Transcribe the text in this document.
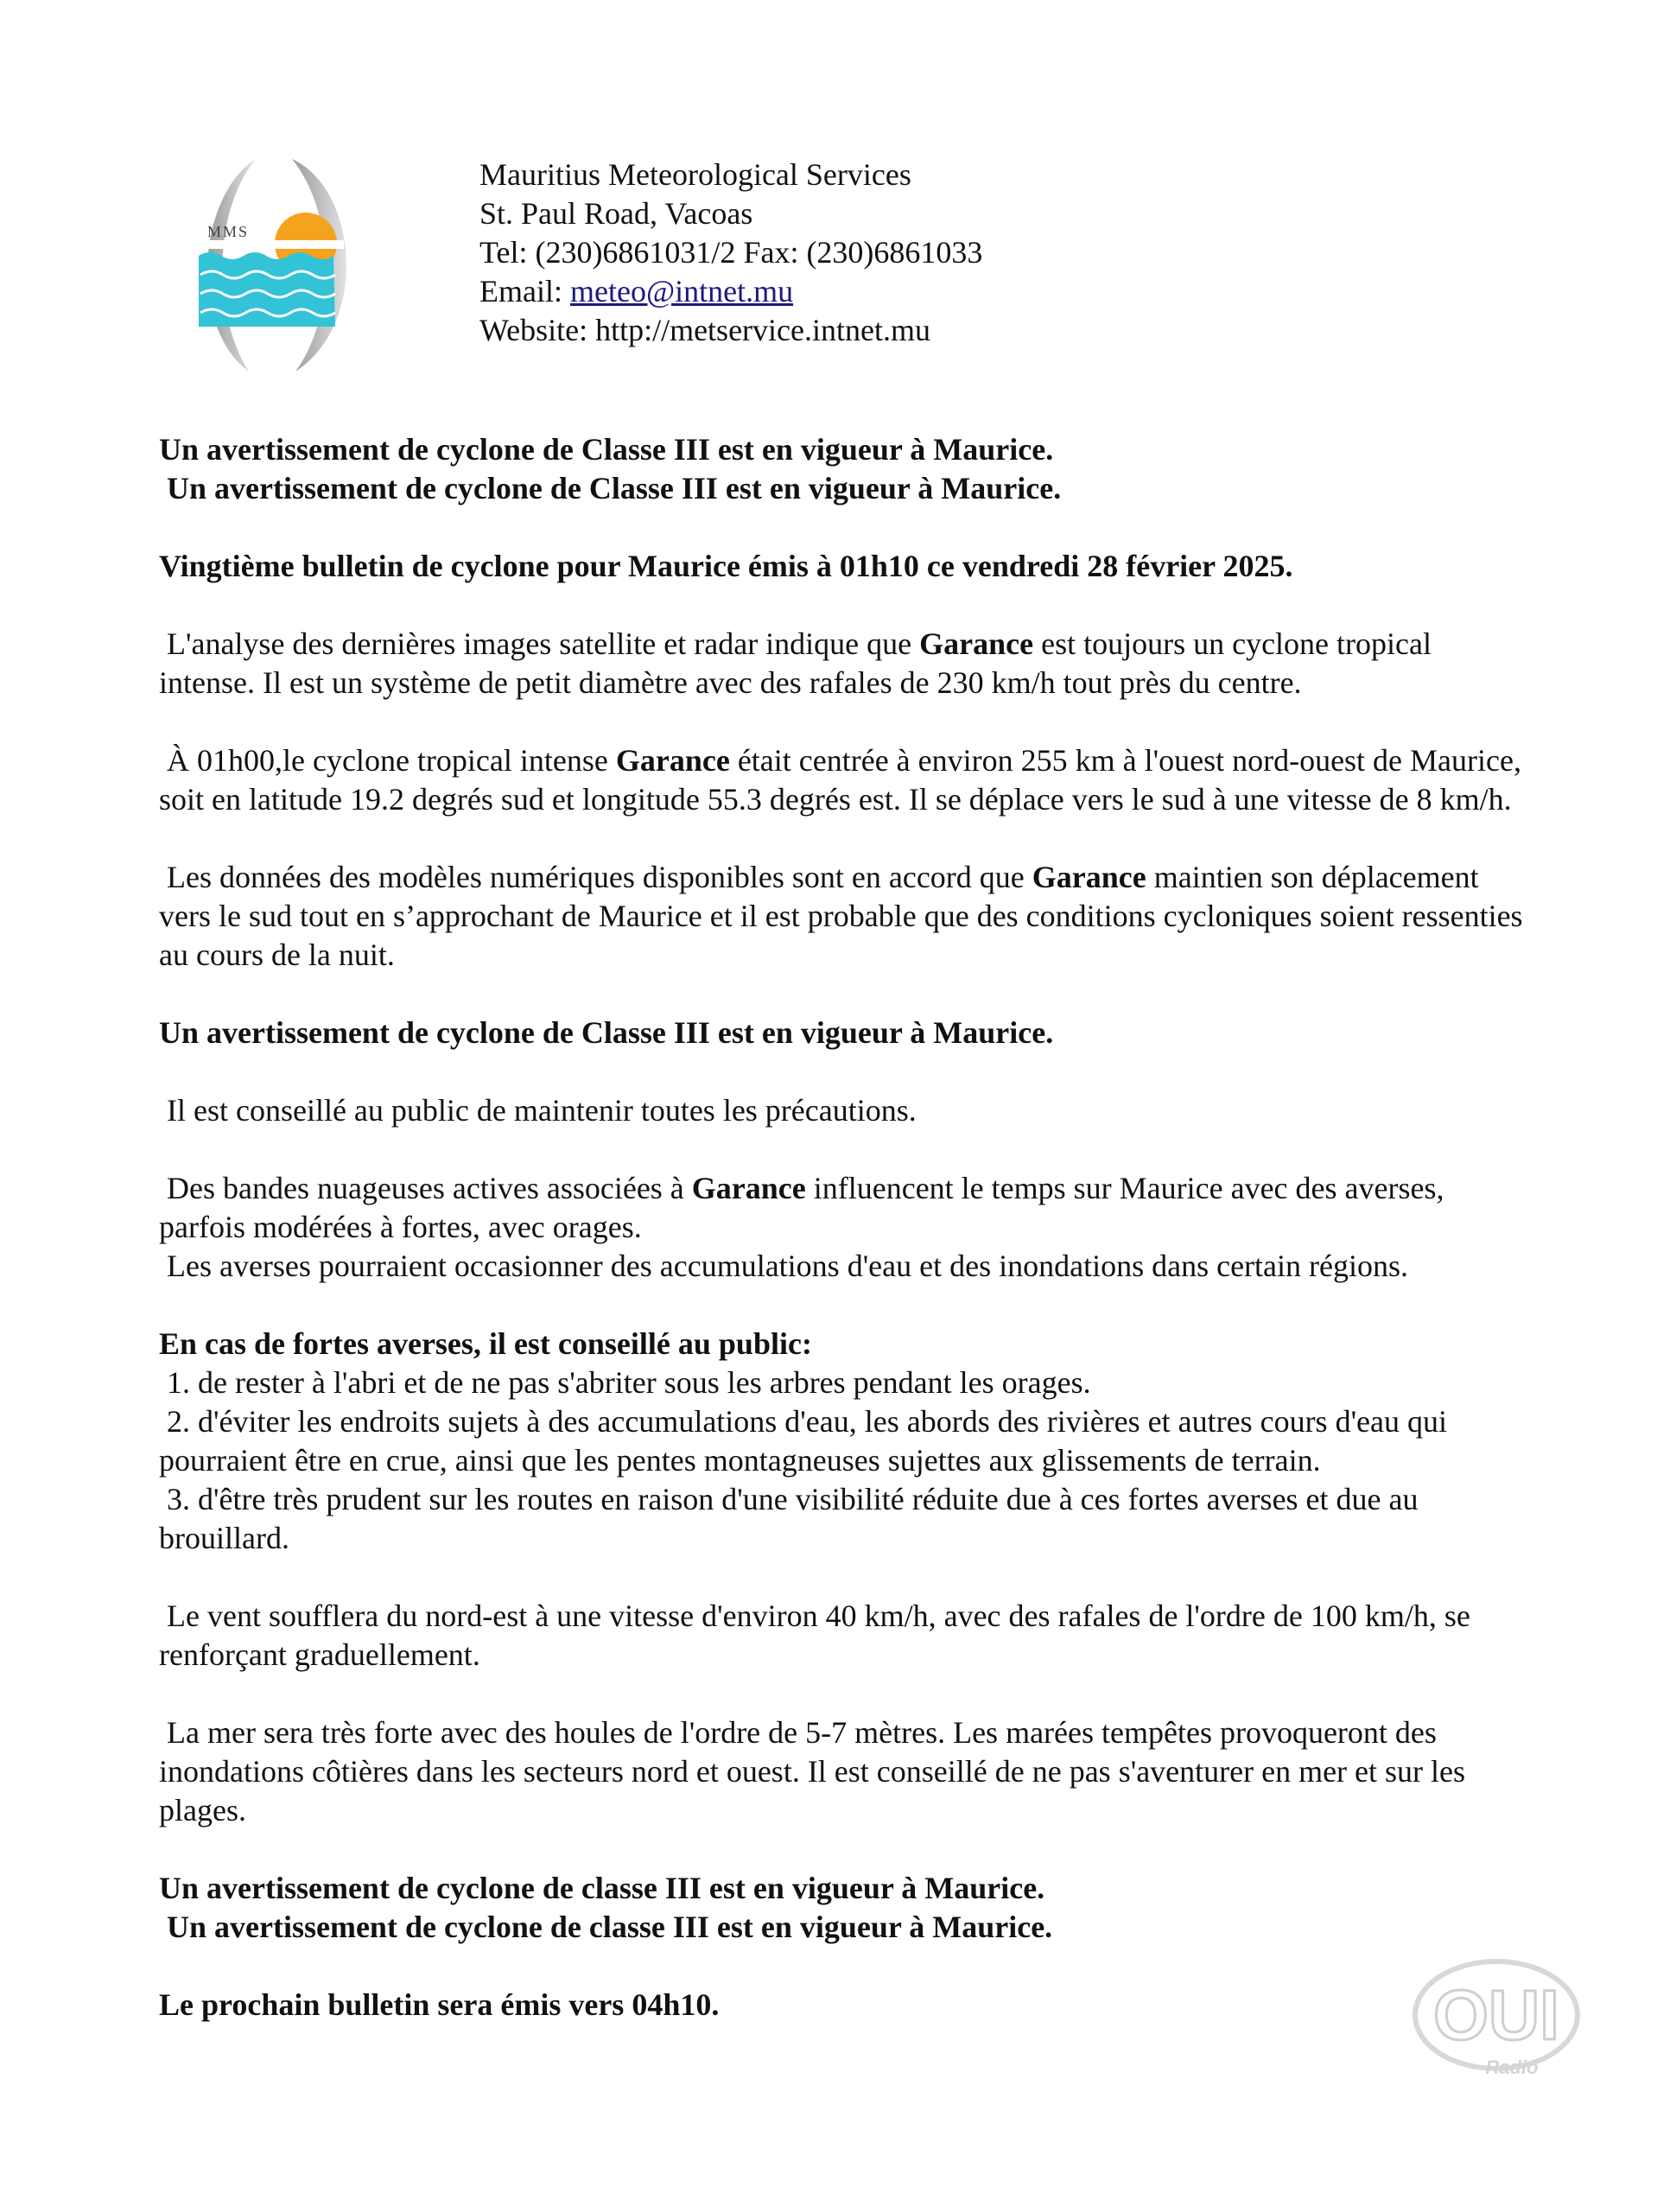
MMS
Mauritius Meteorological Services
St. Paul Road, Vacoas
Tel: (230)6861031/2 Fax: (230)6861033
Email: meteo@intnet.mu
Website: http://metservice.intnet.mu

Un avertissement de cyclone de Classe III est en vigueur à Maurice.

Un avertissement de cyclone de Classe III est en vigueur à Maurice.

Vingtième bulletin de cyclone pour Maurice émis à 01h10 ce vendredi 28 février 2025.

L'analyse des dernières images satellite et radar indique que Garance est toujours un cyclone tropical intense. Il est un système de petit diamètre avec des rafales de 230 km/h tout près du centre.

À 01h00,le cyclone tropical intense Garance était centrée à environ 255 km à l'ouest nord-ouest de Maurice, soit en latitude 19.2 degrés sud et longitude 55.3 degrés est. Il se déplace vers le sud à une vitesse de 8 km/h.

Les données des modèles numériques disponibles sont en accord que Garance maintien son déplacement vers le sud tout en s’approchant de Maurice et il est probable que des conditions cycloniques soient ressenties au cours de la nuit.

Un avertissement de cyclone de Classe III est en vigueur à Maurice.

Il est conseillé au public de maintenir toutes les précautions.

Des bandes nuageuses actives associées à Garance influencent le temps sur Maurice avec des averses, parfois modérées à fortes, avec orages.

Les averses pourraient occasionner des accumulations d'eau et des inondations dans certain régions.

En cas de fortes averses, il est conseillé au public:

1. de rester à l'abri et de ne pas s'abriter sous les arbres pendant les orages.

2. d'éviter les endroits sujets à des accumulations d'eau, les abords des rivières et autres cours d'eau qui pourraient être en crue, ainsi que les pentes montagneuses sujettes aux glissements de terrain.

3. d'être très prudent sur les routes en raison d'une visibilité réduite due à ces fortes averses et due au brouillard.

Le vent soufflera du nord-est à une vitesse d'environ 40 km/h, avec des rafales de l'ordre de 100 km/h, se renforçant graduellement.

La mer sera très forte avec des houles de l'ordre de 5-7 mètres. Les marées tempêtes provoqueront des inondations côtières dans les secteurs nord et ouest. Il est conseillé de ne pas s'aventurer en mer et sur les plages.

Un avertissement de cyclone de classe III est en vigueur à Maurice.

Un avertissement de cyclone de classe III est en vigueur à Maurice.

Le prochain bulletin sera émis vers 04h10.	OUI
Radio
